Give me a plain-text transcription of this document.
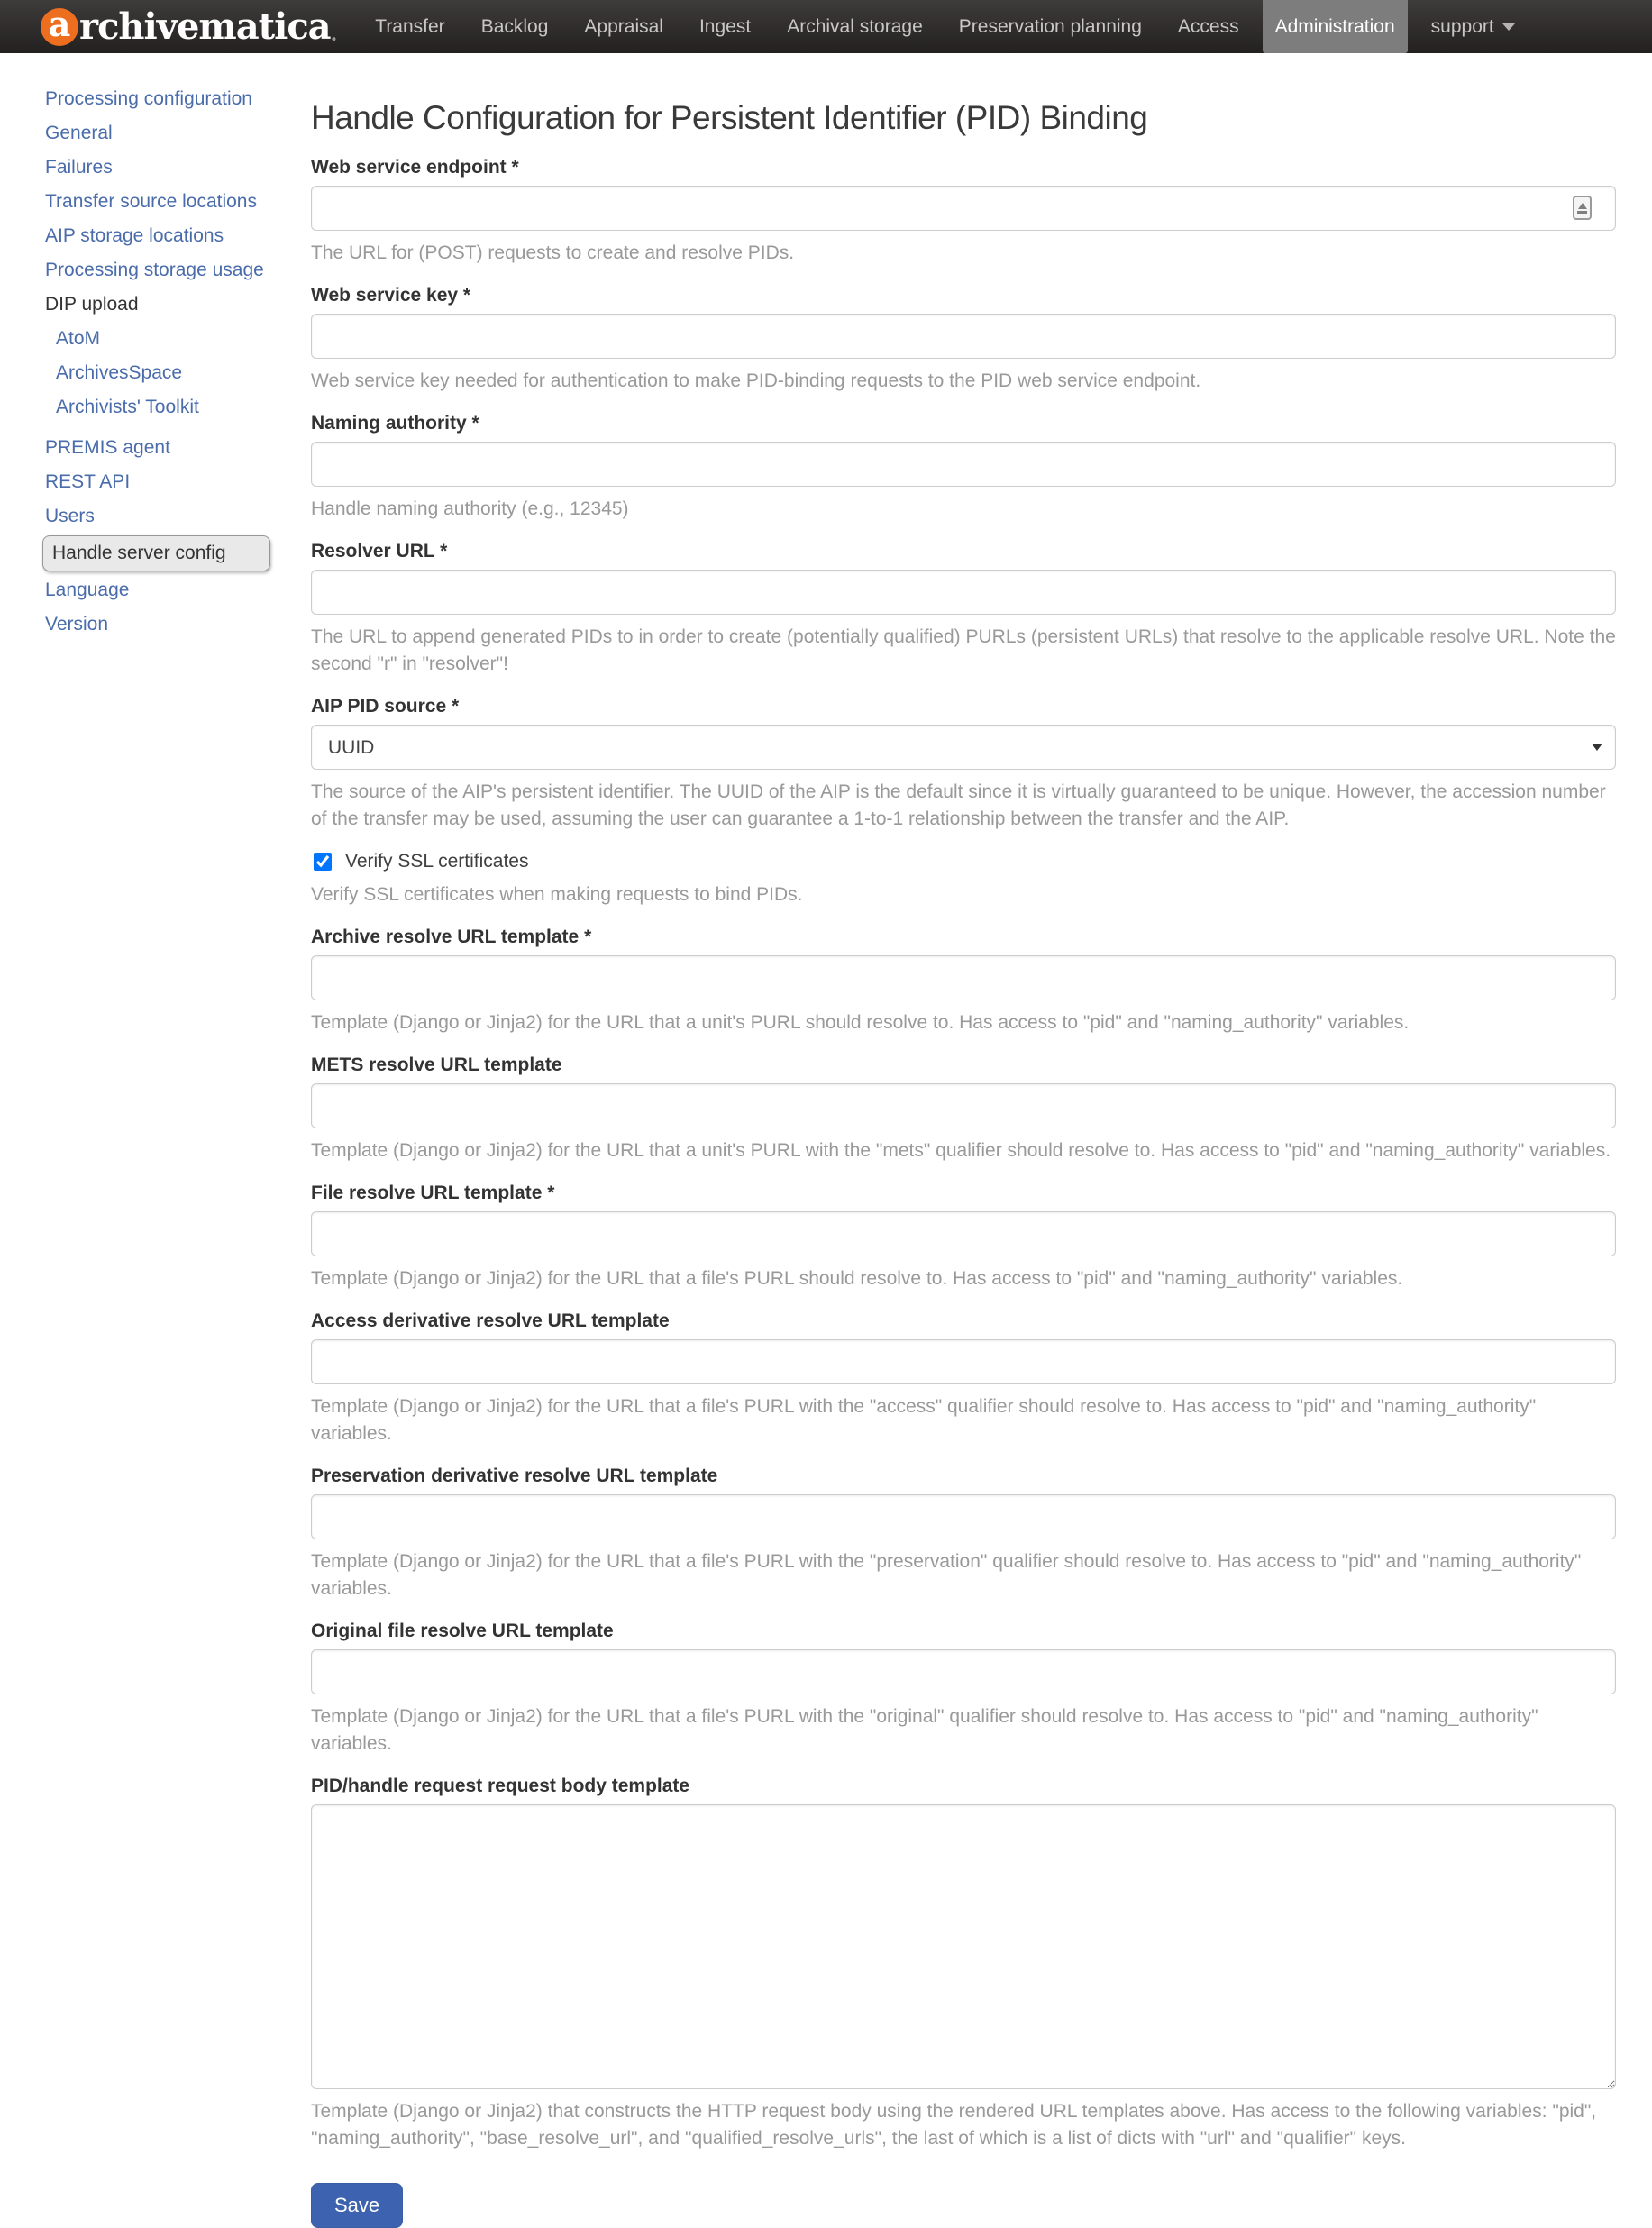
a rchivematica .	Transfer	Backlog	Appraisal	Ingest	Archival storage	Preservation planning	Access	Administration	support
Processing configuration
General
Failures
Transfer source locations
AIP storage locations
Processing storage usage
DIP upload
AtoM
ArchivesSpace
Archivists' Toolkit
PREMIS agent
REST API
Users
Handle server config
Language
Version
Handle Configuration for Persistent Identifier (PID) Binding
Web service endpoint *

The URL for (POST) requests to create and resolve PIDs.

Web service key *

Web service key needed for authentication to make PID-binding requests to the PID web service endpoint.

Naming authority *

Handle naming authority (e.g., 12345)

Resolver URL *

The URL to append generated PIDs to in order to create (potentially qualified) PURLs (persistent URLs) that resolve to the applicable resolve URL. Note the second "r" in "resolver"!

AIP PID source *
UUID

The source of the AIP's persistent identifier. The UUID of the AIP is the default since it is virtually guaranteed to be unique. However, the accession number of the transfer may be used, assuming the user can guarantee a 1-to-1 relationship between the transfer and the AIP.

Verify SSL certificates

Verify SSL certificates when making requests to bind PIDs.

Archive resolve URL template *

Template (Django or Jinja2) for the URL that a unit's PURL should resolve to. Has access to "pid" and "naming_authority" variables.

METS resolve URL template

Template (Django or Jinja2) for the URL that a unit's PURL with the "mets" qualifier should resolve to. Has access to "pid" and "naming_authority" variables.

File resolve URL template *

Template (Django or Jinja2) for the URL that a file's PURL should resolve to. Has access to "pid" and "naming_authority" variables.

Access derivative resolve URL template

Template (Django or Jinja2) for the URL that a file's PURL with the "access" qualifier should resolve to. Has access to "pid" and "naming_authority" variables.

Preservation derivative resolve URL template

Template (Django or Jinja2) for the URL that a file's PURL with the "preservation" qualifier should resolve to. Has access to "pid" and "naming_authority" variables.

Original file resolve URL template

Template (Django or Jinja2) for the URL that a file's PURL with the "original" qualifier should resolve to. Has access to "pid" and "naming_authority" variables.

PID/handle request request body template

Template (Django or Jinja2) that constructs the HTTP request body using the rendered URL templates above. Has access to the following variables: "pid", "naming_authority", "base_resolve_url", and "qualified_resolve_urls", the last of which is a list of dicts with "url" and "qualifier" keys.

Save
